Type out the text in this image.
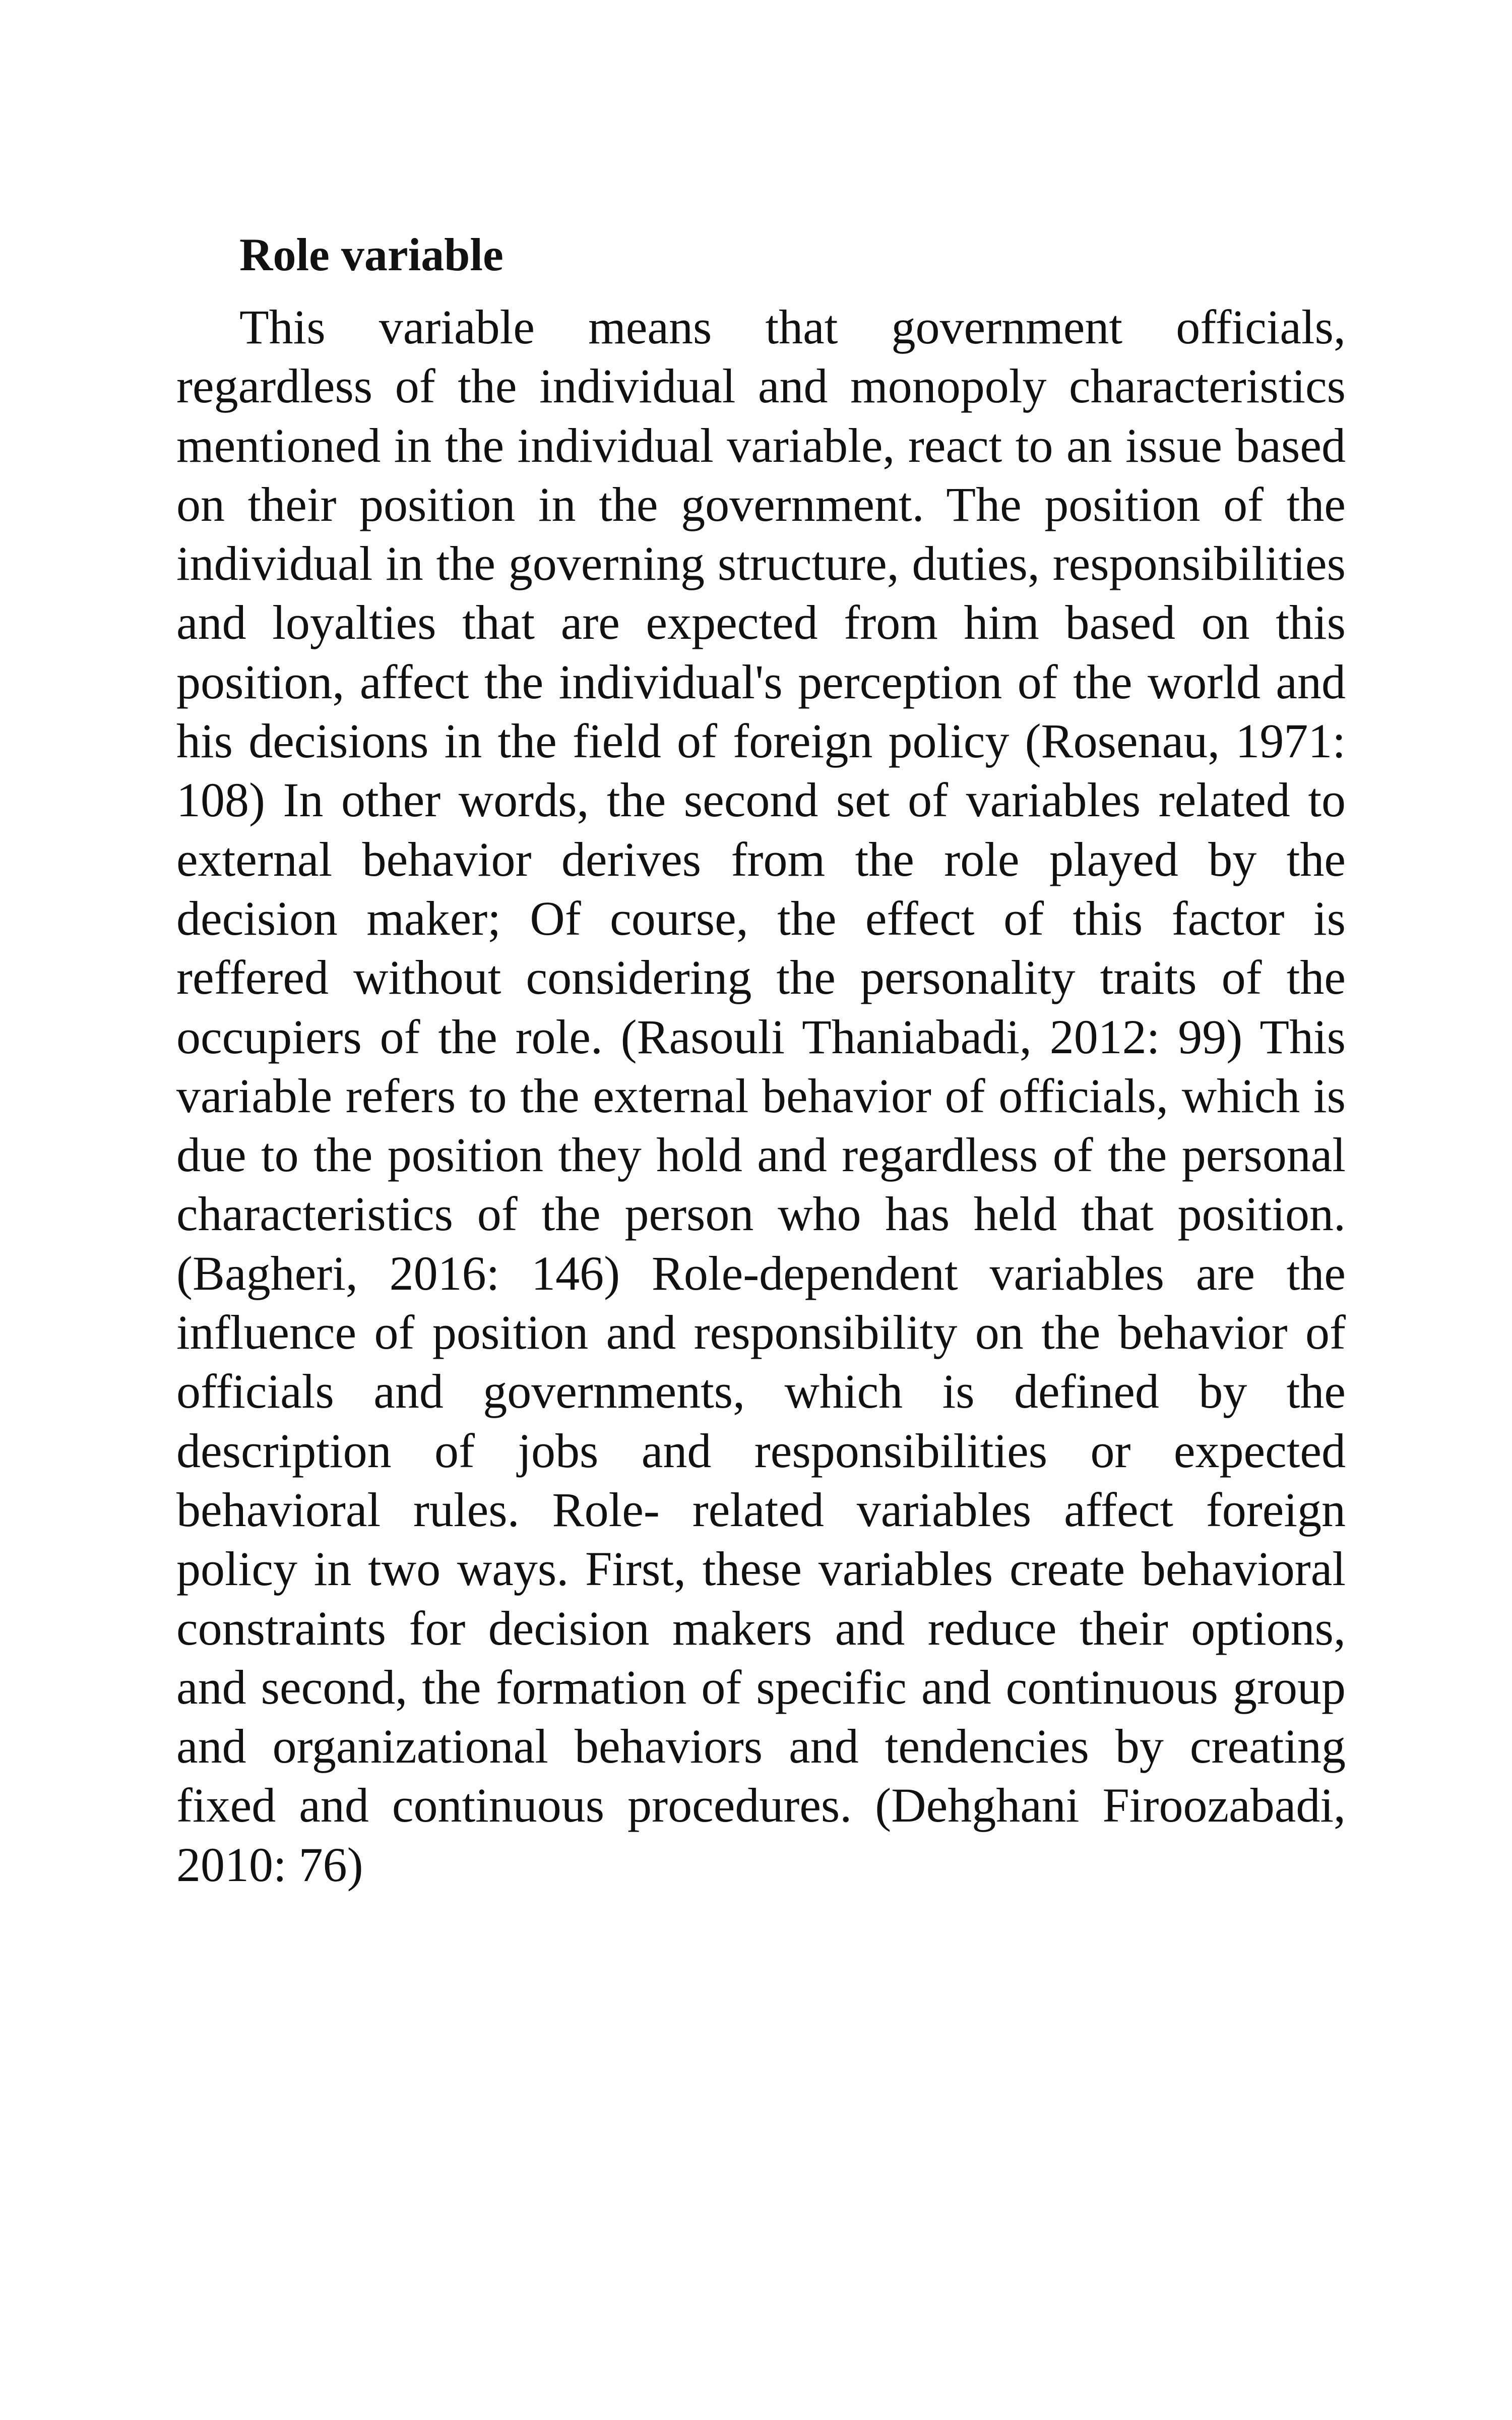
Role variable

This variable means that government officials, regardless of the individual and monopoly characteristics mentioned in the individual variable, react to an issue based on their position in the government. The position of the individual in the governing structure, duties, responsibilities and loyalties that are expected from him based on this position, affect the individual's perception of the world and his decisions in the field of foreign policy (Rosenau, 1971: 108) In other words, the second set of variables related to external behavior derives from the role played by the decision maker; Of course, the effect of this factor is reffered without considering the personality traits of the occupiers of the role. (Rasouli Thaniabadi, 2012: 99) This variable refers to the external behavior of officials, which is due to the position they hold and regardless of the personal characteristics of the person who has held that position. (Bagheri, 2016: 146) Role-dependent variables are the influence of position and responsibility on the behavior of officials and governments, which is defined by the description of jobs and responsibilities or expected behavioral rules. Role- related variables affect foreign policy in two ways. First, these variables create behavioral constraints for decision makers and reduce their options, and second, the formation of specific and continuous group and organizational behaviors and tendencies by creating fixed and continuous procedures. (Dehghani Firoozabadi, 2010: 76)
